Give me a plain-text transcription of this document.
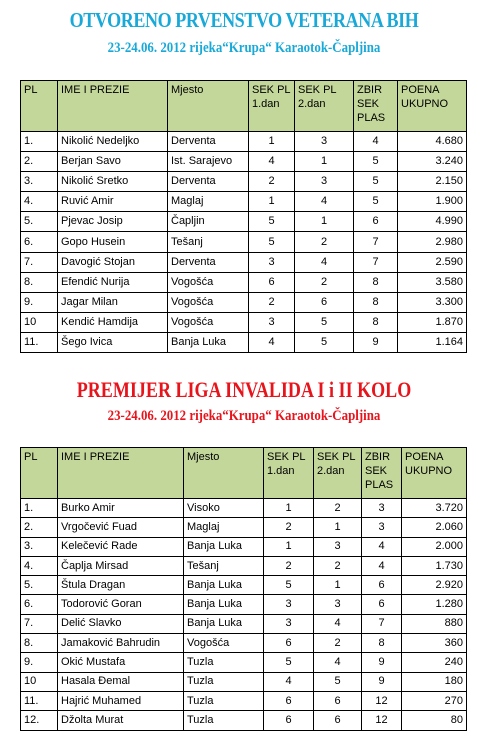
OTVORENO PRVENSTVO VETERANA BIH
23-24.06. 2012 rijeka“Krupa“ Karaotok-Čapljina
PL	IME I PREZIE	Mjesto	SEK PL 1.dan	SEK PL 2.dan	ZBIR SEK PLAS	POENA UKUPNO
1.	Nikolić Nedeljko	Derventa	1	3	4	4.680
2.	Berjan Savo	Ist. Sarajevo	4	1	5	3.240
3.	Nikolić Sretko	Derventa	2	3	5	2.150
4.	Ruvić Amir	Maglaj	1	4	5	1.900
5.	Pjevac Josip	Čapljin	5	1	6	4.990
6.	Gopo Husein	Tešanj	5	2	7	2.980
7.	Davogić Stojan	Derventa	3	4	7	2.590
8.	Efendić Nurija	Vogošća	6	2	8	3.580
9.	Jagar Milan	Vogošća	2	6	8	3.300
10	Kendić Hamdija	Vogošća	3	5	8	1.870
11.	Šego Ivica	Banja Luka	4	5	9	1.164
PREMIJER LIGA INVALIDA I i II KOLO
23-24.06. 2012 rijeka“Krupa“ Karaotok-Čapljina
PL	IME I PREZIE	Mjesto	SEK PL 1.dan	SEK PL 2.dan	ZBIR SEK PLAS	POENA UKUPNO
1.	Burko Amir	Visoko	1	2	3	3.720
2.	Vrgočević Fuad	Maglaj	2	1	3	2.060
3.	Kelečević Rade	Banja Luka	1	3	4	2.000
4.	Čaplja Mirsad	Tešanj	2	2	4	1.730
5.	Štula Dragan	Banja Luka	5	1	6	2.920
6.	Todorović Goran	Banja Luka	3	3	6	1.280
7.	Delić Slavko	Banja Luka	3	4	7	880
8.	Jamaković Bahrudin	Vogošća	6	2	8	360
9.	Okić Mustafa	Tuzla	5	4	9	240
10	Hasala Đemal	Tuzla	4	5	9	180
11.	Hajrić Muhamed	Tuzla	6	6	12	270
12.	Džolta Murat	Tuzla	6	6	12	80
